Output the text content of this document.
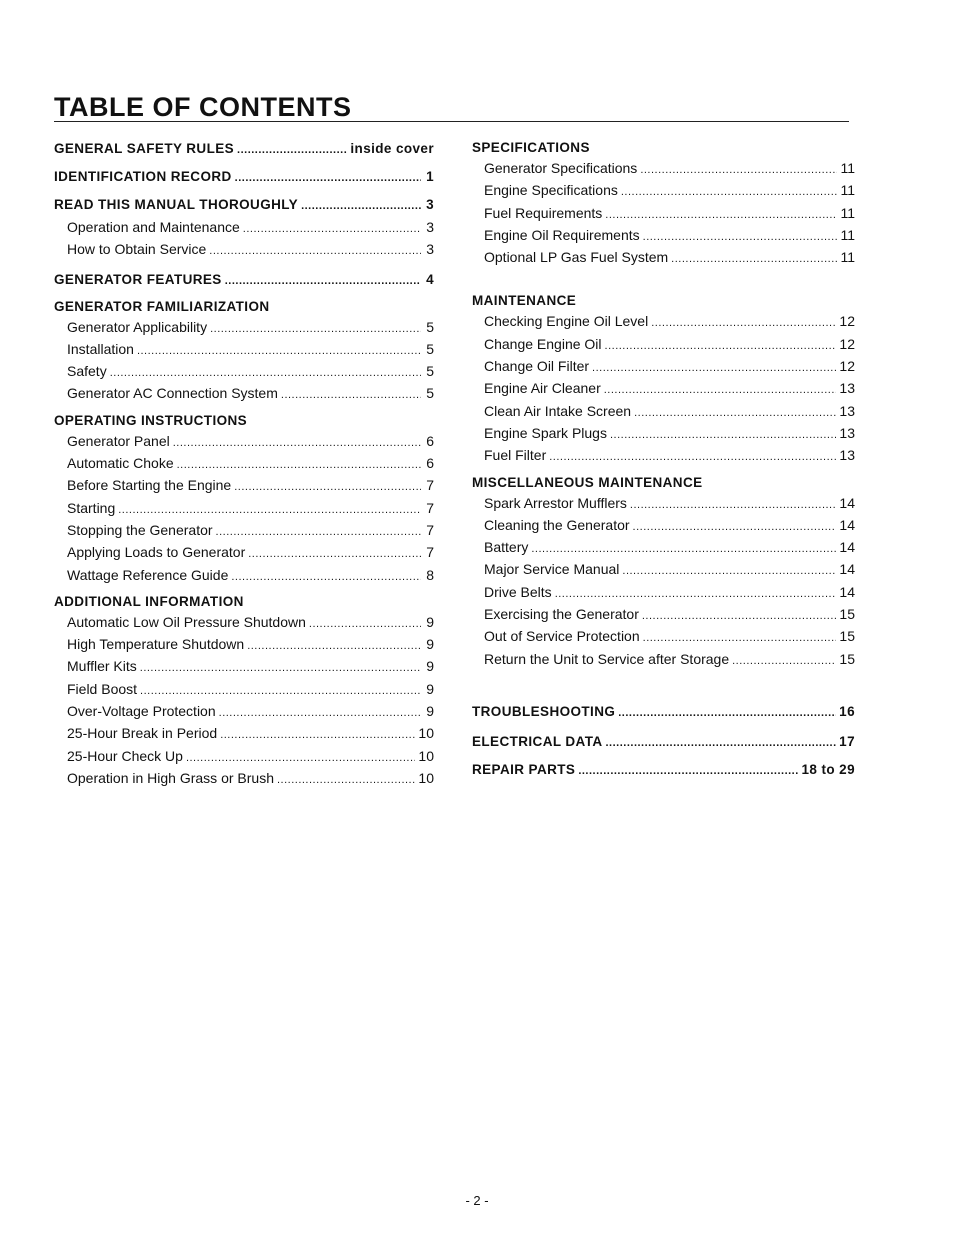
TABLE OF CONTENTS
GENERAL SAFETY RULES .....	inside cover
IDENTIFICATION RECORD .....	1
READ THIS MANUAL THOROUGHLY .....	3
Operation and Maintenance .....	3
How to Obtain Service .....	3
GENERATOR FEATURES .....	4
GENERATOR FAMILIARIZATION
Generator Applicability .....	5
Installation .....	5
Safety .....	5
Generator AC Connection System .....	5
OPERATING INSTRUCTIONS
Generator Panel .....	6
Automatic Choke .....	6
Before Starting the Engine .....	7
Starting .....	7
Stopping the Generator .....	7
Applying Loads to Generator .....	7
Wattage Reference Guide .....	8
ADDITIONAL INFORMATION
Automatic Low Oil Pressure Shutdown .....	9
High Temperature Shutdown .....	9
Muffler Kits .....	9
Field Boost .....	9
Over-Voltage Protection .....	9
25-Hour Break in Period .....	10
25-Hour Check Up .....	10
Operation in High Grass or Brush .....	10
SPECIFICATIONS
Generator Specifications .....	11
Engine Specifications .....	11
Fuel Requirements .....	11
Engine Oil Requirements .....	11
Optional LP Gas Fuel System .....	11
MAINTENANCE
Checking Engine Oil Level .....	12
Change Engine Oil .....	12
Change Oil Filter .....	12
Engine Air Cleaner .....	13
Clean Air Intake Screen .....	13
Engine Spark Plugs .....	13
Fuel Filter .....	13
MISCELLANEOUS MAINTENANCE
Spark Arrestor Mufflers .....	14
Cleaning the Generator .....	14
Battery .....	14
Major Service Manual .....	14
Drive Belts .....	14
Exercising the Generator .....	15
Out of Service Protection .....	15
Return the Unit to Service after Storage .....	15
TROUBLESHOOTING .....	16
ELECTRICAL DATA .....	17
REPAIR PARTS .....	18 to 29
- 2 -
